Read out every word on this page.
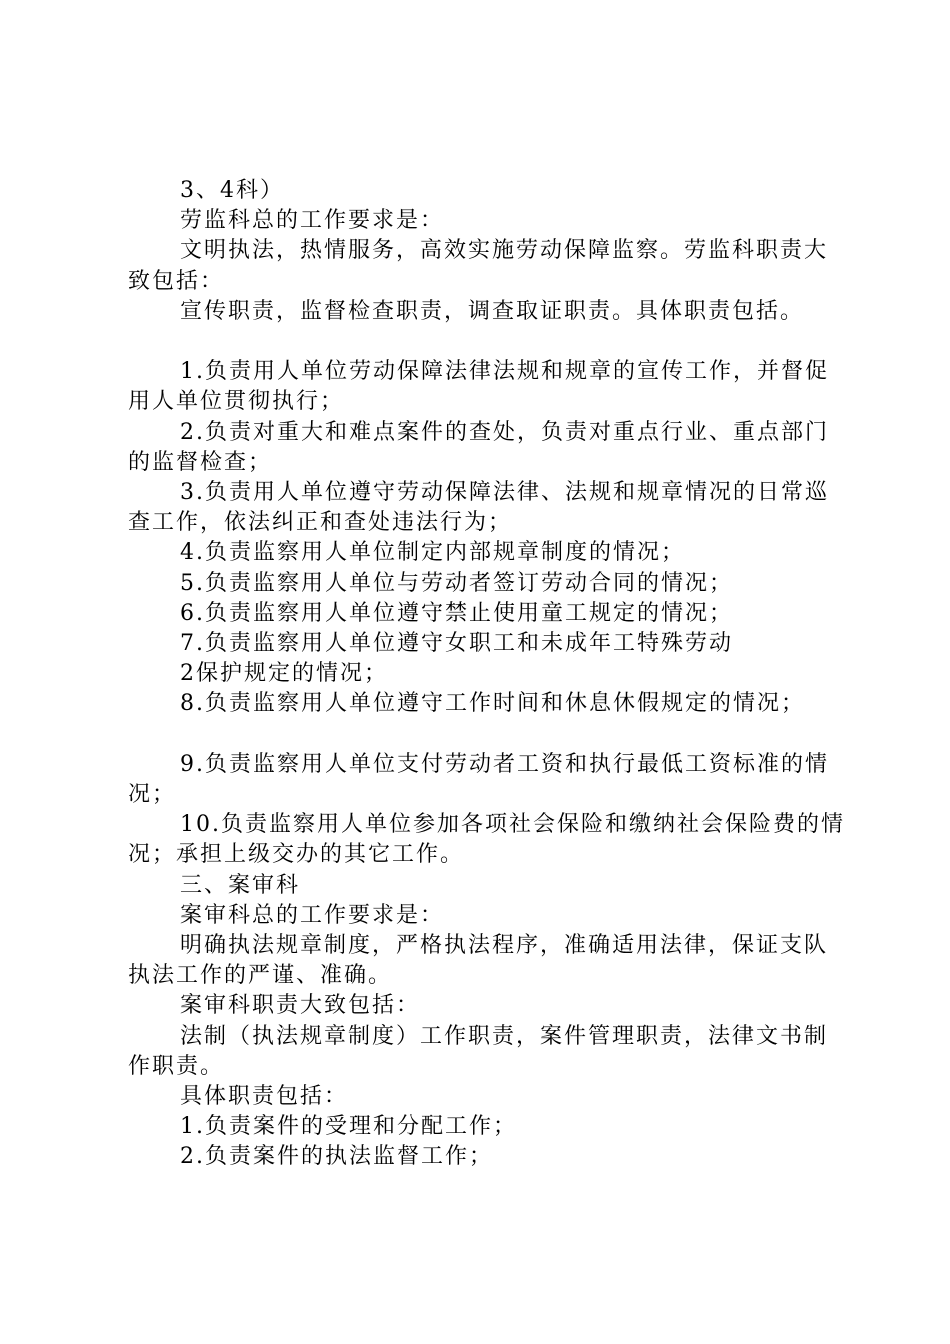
3、4科）

劳监科总的工作要求是：

文明执法，热情服务，高效实施劳动保障监察。劳监科职责大致包括：

宣传职责，监督检查职责，调查取证职责。具体职责包括。

1.负责用人单位劳动保障法律法规和规章的宣传工作，并督促用人单位贯彻执行；

2.负责对重大和难点案件的查处，负责对重点行业、重点部门的监督检查；

3.负责用人单位遵守劳动保障法律、法规和规章情况的日常巡查工作，依法纠正和查处违法行为；

4.负责监察用人单位制定内部规章制度的情况；

5.负责监察用人单位与劳动者签订劳动合同的情况；

6.负责监察用人单位遵守禁止使用童工规定的情况；

7.负责监察用人单位遵守女职工和未成年工特殊劳动

2保护规定的情况；

8.负责监察用人单位遵守工作时间和休息休假规定的情况；

9.负责监察用人单位支付劳动者工资和执行最低工资标准的情况；

10.负责监察用人单位参加各项社会保险和缴纳社会保险费的情况；承担上级交办的其它工作。

三、案审科

案审科总的工作要求是：

明确执法规章制度，严格执法程序，准确适用法律，保证支队执法工作的严谨、准确。

案审科职责大致包括：

法制（执法规章制度）工作职责，案件管理职责，法律文书制作职责。

具体职责包括：

1.负责案件的受理和分配工作；

2.负责案件的执法监督工作；
